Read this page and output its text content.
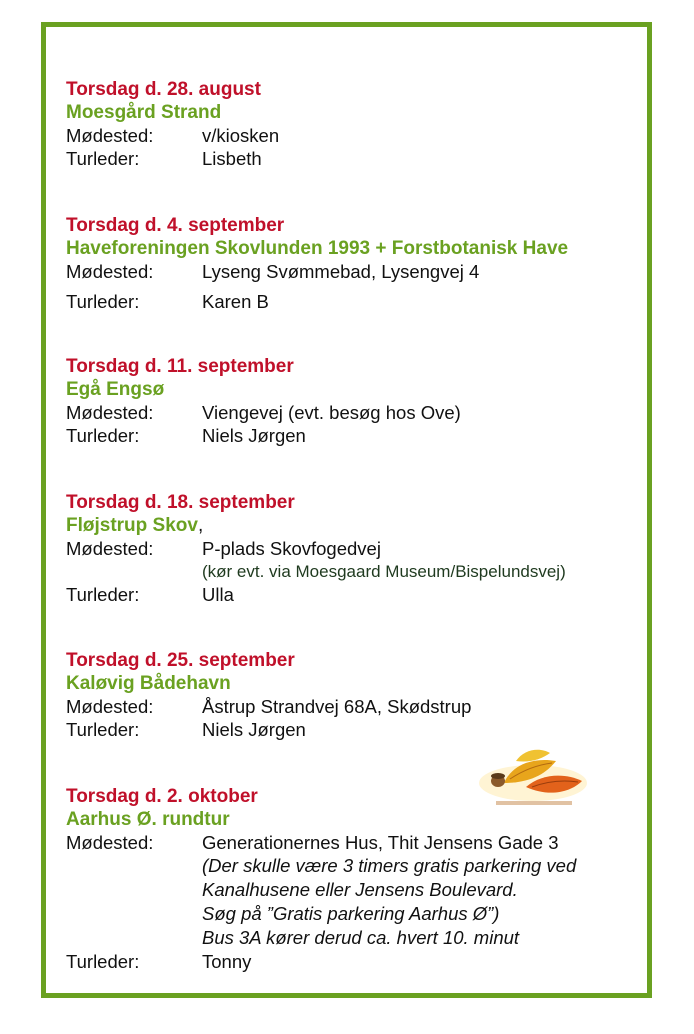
Torsdag d. 28. august
Moesgård Strand
Mødested:	v/kiosken
Turleder:	Lisbeth
Torsdag d. 4. september
Haveforeningen Skovlunden 1993 + Forstbotanisk Have
Mødested:	Lyseng Svømmebad, Lysengvej 4
Turleder:	Karen B
Torsdag d. 11. september
Egå Engsø
Mødested:	Viengevej (evt. besøg hos Ove)
Turleder:	Niels Jørgen
Torsdag d. 18. september
Fløjstrup Skov,
Mødested:	P-plads Skovfogedvej
(kør evt. via Moesgaard Museum/Bispelundsvej)
Turleder:	Ulla
Torsdag d. 25. september
Kaløvig Bådehavn
Mødested:	Åstrup Strandvej 68A, Skødstrup
Turleder:	Niels Jørgen
Torsdag d. 2. oktober
Aarhus Ø. rundtur
Mødested:	Generationernes Hus, Thit Jensens Gade 3
(Der skulle være 3 timers gratis parkering ved
Kanalhusene eller Jensens Boulevard.
Søg på ”Gratis parkering Aarhus Ø”)
Bus 3A kører derud ca. hvert 10. minut
Turleder:	Tonny
